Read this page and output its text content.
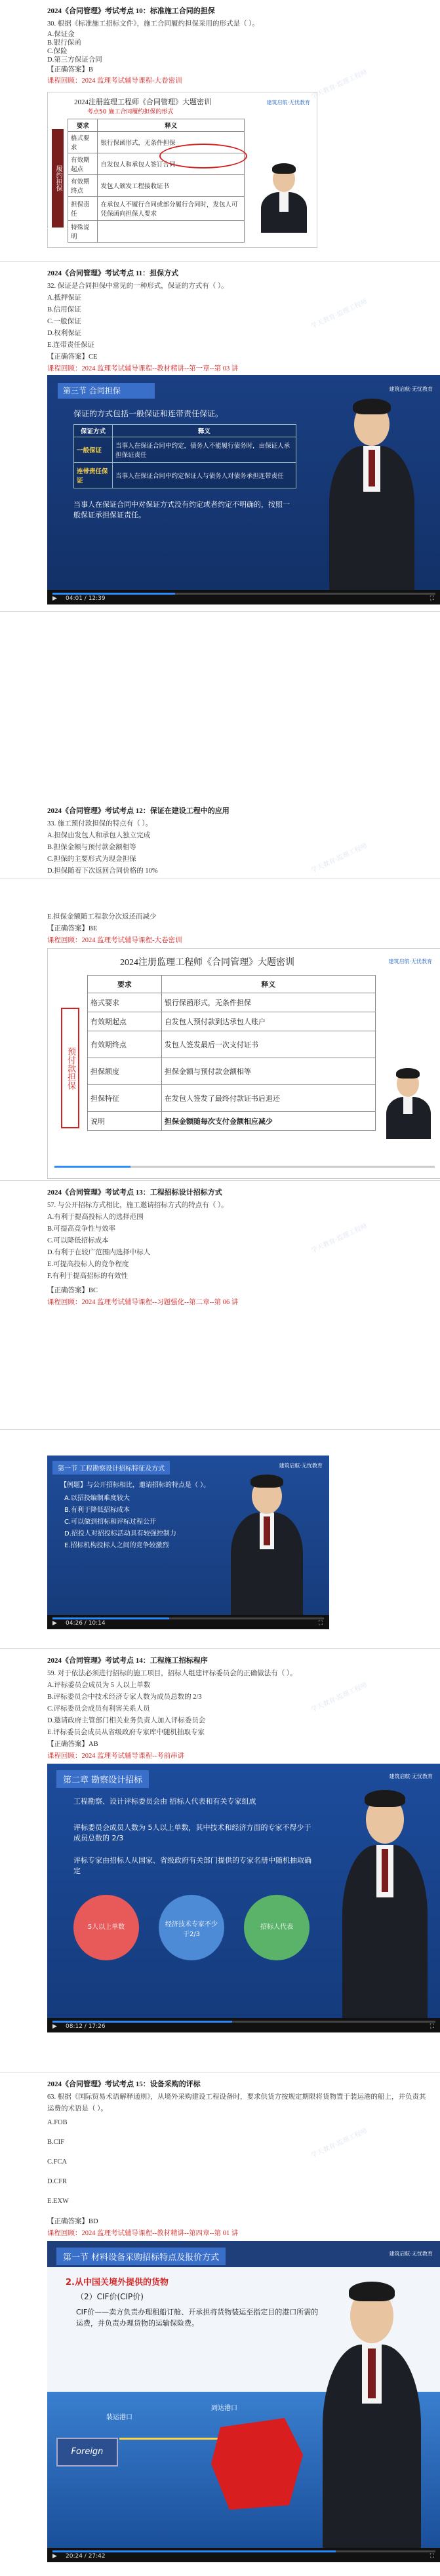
2024《合同管理》考试考点 10：标准施工合同的担保
30. 根据《标准施工招标文件》，施工合同履约担保采用的形式是（ ）。
A.保证金
B.银行保函
C.保险
D.第三方保证合同
【正确答案】B
课程回顾：2024 监理考试辅导课程-大卷密训
2024注册监理工程师《合同管理》大题密训
考点50 施工合同履约担保的形式
建筑启航·无忧教育
履约担保
要求	释义
格式要求	银行保函形式，无条件担保
有效期起点	自发包人和承包人签订合同
有效期终点	发包人颁发工程接收证书
担保责任	在承包人不履行合同或部分履行合同时，发包人可凭保函向担保人要求
特殊说明	
2024《合同管理》考试考点 11：担保方式
32. 保证是合同担保中常见的一种形式，保证的方式有（ ）。
A.抵押保证
B.信用保证
C.一般保证
D.权利保证
E.连带责任保证
【正确答案】CE
课程回顾：2024 监理考试辅导课程--教材精讲--第一章--第 03 讲
第三节 合同担保	建筑启航·无忧教育
保证的方式包括一般保证和连带责任保证。
保证方式	释义
一般保证	当事人在保证合同中约定，债务人不能履行债务时，由保证人承担保证责任
连带责任保证	当事人在保证合同中约定保证人与债务人对债务承担连带责任
当事人在保证合同中对保证方式没有约定或者约定不明确的，按照一般保证承担保证责任。
▶ 04:01 / 12:39	⛶
2024《合同管理》考试考点 12：保证在建设工程中的应用
33. 施工预付款担保的特点有（ ）。
A.担保由发包人和承包人独立完成
B.担保金额与预付款金额相等
C.担保的主要形式为现金担保
D.担保随着下次返回合同价格的 10%
E.担保金额随工程款分次返还而减少
【正确答案】BE
课程回顾：2024 监理考试辅导课程-大卷密训
2024注册监理工程师《合同管理》大题密训	建筑启航·无忧教育
预付款担保
要求	释义
格式要求	银行保函形式，无条件担保
有效期起点	自发包人预付款到达承包人账户
有效期终点	发包人签发最后一次支付证书
担保额度	担保金额与预付款金额相等
担保特征	在发包人签发了最终付款证书后退还
说明	担保金额随每次支付金额相应减少
2024《合同管理》考试考点 13：工程招标设计招标方式
57. 与公开招标方式相比，施工邀请招标方式的特点有（ ）。
A.有利于提高投标人的选择范围
B.可提高竞争性与效率
C.可以降低招标成本
D.有利于在较广范围内选择中标人
E.可提高投标人的竞争程度
F.有利于提高招标的有效性
【正确答案】BC
课程回顾：2024 监理考试辅导课程--习题强化--第二章--第 06 讲
第一节 工程勘察设计招标特征及方式	建筑启航·无忧教育
【例题】与公开招标相比，邀请招标的特点是（ ）。
A.以招投编制难度较大
B.有利于降低招标成本
C.可以做到招标和评标过程公开
D.招投人对招投标活动具有较强控制力
E.招标机构投标人之间的竞争较激烈
▶ 04:26 / 10:14	⛶
2024《合同管理》考试考点 14：工程施工招标程序
59. 对于依法必须进行招标的施工项目，招标人组建评标委员会的正确做法有（ ）。
A.评标委员会成员为 5 人以上单数
B.评标委员会中技术经济专家人数为成员总数的 2/3
C.评标委员会成员有利害关系人员
D.邀请政府主管部门相关业务负责人加入评标委员会
E.评标委员会成员从省级政府专家库中随机抽取专家
【正确答案】AB
课程回顾：2024 监理考试辅导课程--考前串讲
第二章 勘察设计招标	建筑启航·无忧教育
工程勘察、设计评标委员会由 招标人代表和有关专家组成
评标委员会成员人数为 5人以上单数，其中技术和经济方面的专家不得少于成员总数的 2/3
评标专家由招标人从国家、省级政府有关部门提供的专家名册中随机抽取确定
5人以上单数	经济技术专家不少于2/3
招标人代表
▶ 08:12 / 17:26	⛶
2024《合同管理》考试考点 15：设备采购的评标
63. 根据《国际贸易术语解释通则》，从境外采购建设工程设备时，要求供货方按规定期限将货物置于装运港的船上，并负责其运费的术语是（ ）。
A.FOB
B.CIF
C.FCA
D.CFR
E.EXW
【正确答案】BD
课程回顾：2024 监理考试辅导课程--教材精讲--第四章--第 01 讲
第一节 材料设备采购招标特点及报价方式	建筑启航·无忧教育
2.从中国关境外提供的货物
（2）CIF价(CIP价)
CIF价——卖方负责办理租船订舱、开承担将货物装运至指定目的港口所需的运费，并负责办理货物的运输保险费。
Foreign
装运港口
到达港口
▶ 20:24 / 27:42	⛶
学天教育·监理工程师
学天教育·监理工程师
学天教育·监理工程师
学天教育·监理工程师
学天教育·监理工程师
学天教育·监理工程师
